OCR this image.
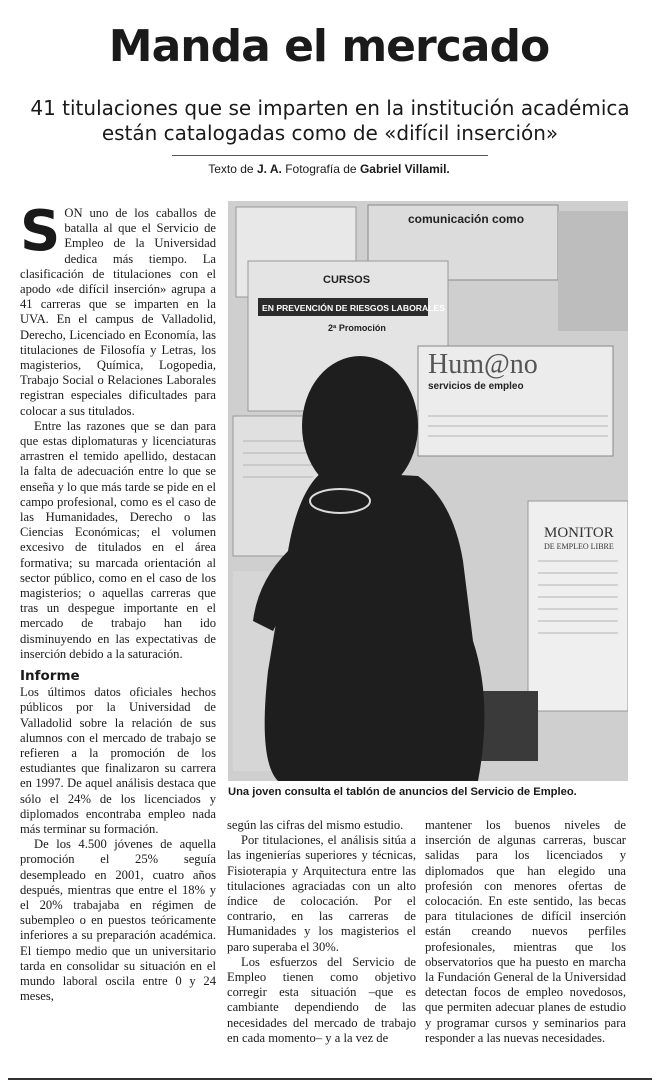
Manda el mercado
41 titulaciones que se imparten en la institución académica
están catalogadas como de «difícil inserción»
Texto de J. A. Fotografía de Gabriel Villamil.

SON uno de los caballos de batalla al que el Servicio de Empleo de la Universidad dedica más tiempo. La clasificación de titulaciones con el apodo «de difícil inserción» agrupa a 41 carreras que se imparten en la UVA. En el campus de Valladolid, Derecho, Licenciado en Economía, las titulaciones de Filosofía y Letras, los magisterios, Química, Logopedia, Trabajo Social o Relaciones Laborales registran especiales dificultades para colocar a sus titulados.

Entre las razones que se dan para que estas diplomaturas y licenciaturas arrastren el temido apellido, destacan la falta de adecuación entre lo que se enseña y lo que más tarde se pide en el campo profesional, como es el caso de las Humanidades, Derecho o las Ciencias Económicas; el volumen excesivo de titulados en el área formativa; su marcada orientación al sector público, como en el caso de los magisterios; o aquellas carreras que tras un despegue importante en el mercado de trabajo han ido disminuyendo en las expectativas de inserción debido a la saturación.

Informe

Los últimos datos oficiales hechos públicos por la Universidad de Valladolid sobre la relación de sus alumnos con el mercado de trabajo se refieren a la promoción de los estudiantes que finalizaron su carrera en 1997. De aquel análisis destaca que sólo el 24% de los licenciados y diplomados encontraba empleo nada más terminar su formación.

De los 4.500 jóvenes de aquella promoción el 25% seguía desempleado en 2001, cuatro años después, mientras que entre el 18% y el 20% trabajaba en régimen de subempleo o en puestos teóricamente inferiores a su preparación académica. El tiempo medio que un universitario tarda en consolidar su situación en el mundo laboral oscila entre 0 y 24 meses,

comunicación como
CURSOS
EN PREVENCIÓN DE RIESGOS LABORALES
2ª Promoción
Hum@no
servicios de empleo
MONITOR
DE EMPLEO LIBRE
Una joven consulta el tablón de anuncios del Servicio de Empleo.

según las cifras del mismo estudio.

Por titulaciones, el análisis sitúa a las ingenierías superiores y técnicas, Fisioterapia y Arquitectura entre las titulaciones agraciadas con un alto índice de colocación. Por el contrario, en las carreras de Humanidades y los magisterios el paro superaba el 30%.

Los esfuerzos del Servicio de Empleo tienen como objetivo corregir esta situación –que es cambiante dependiendo de las necesidades del mercado de trabajo en cada momento– y a la vez de

mantener los buenos niveles de inserción de algunas carreras, buscar salidas para los licenciados y diplomados que han elegido una profesión con menores ofertas de colocación. En este sentido, las becas para titulaciones de difícil inserción están creando nuevos perfiles profesionales, mientras que los observatorios que ha puesto en marcha la Fundación General de la Universidad detectan focos de empleo novedosos, que permiten adecuar planes de estudio y programar cursos y seminarios para responder a las nuevas necesidades.
